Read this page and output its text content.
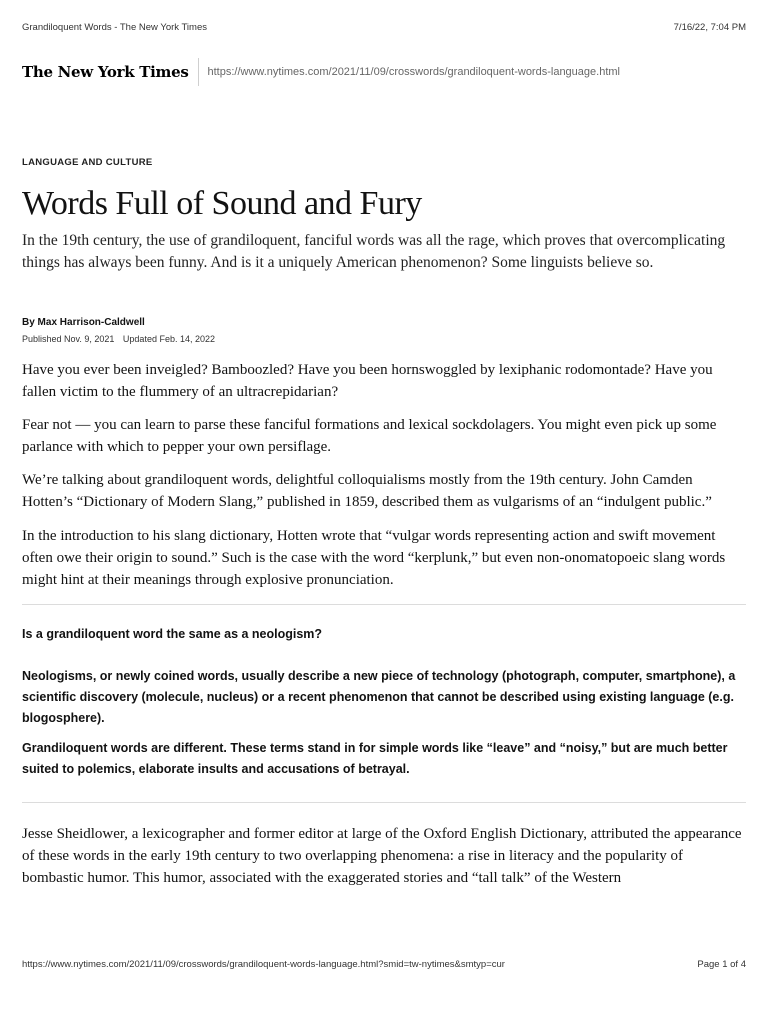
Grandiloquent Words - The New York Times	7/16/22, 7:04 PM
The New York Times	https://www.nytimes.com/2021/11/09/crosswords/grandiloquent-words-language.html
LANGUAGE AND CULTURE
Words Full of Sound and Fury

In the 19th century, the use of grandiloquent, fanciful words was all the rage, which proves that overcomplicating things has always been funny. And is it a uniquely American phenomenon? Some linguists believe so.

By Max Harrison-Caldwell
Published Nov. 9, 2021 Updated Feb. 14, 2022

Have you ever been inveigled? Bamboozled? Have you been hornswoggled by lexiphanic rodomontade? Have you fallen victim to the flummery of an ultracrepidarian?

Fear not — you can learn to parse these fanciful formations and lexical sockdolagers. You might even pick up some parlance with which to pepper your own persiflage.

We’re talking about grandiloquent words, delightful colloquialisms mostly from the 19th century. John Camden Hotten’s “Dictionary of Modern Slang,” published in 1859, described them as vulgarisms of an “indulgent public.”

In the introduction to his slang dictionary, Hotten wrote that “vulgar words representing action and swift movement often owe their origin to sound.” Such is the case with the word “kerplunk,” but even non-onomatopoeic slang words might hint at their meanings through explosive pronunciation.

Is a grandiloquent word the same as a neologism?

Neologisms, or newly coined words, usually describe a new piece of technology (photograph, computer, smartphone), a scientific discovery (molecule, nucleus) or a recent phenomenon that cannot be described using existing language (e.g. blogosphere).

Grandiloquent words are different. These terms stand in for simple words like “leave” and “noisy,” but are much better suited to polemics, elaborate insults and accusations of betrayal.

Jesse Sheidlower, a lexicographer and former editor at large of the Oxford English Dictionary, attributed the appearance of these words in the early 19th century to two overlapping phenomena: a rise in literacy and the popularity of bombastic humor. This humor, associated with the exaggerated stories and “tall talk” of the Western

https://www.nytimes.com/2021/11/09/crosswords/grandiloquent-words-language.html?smid=tw-nytimes&smtyp=cur	Page 1 of 4
